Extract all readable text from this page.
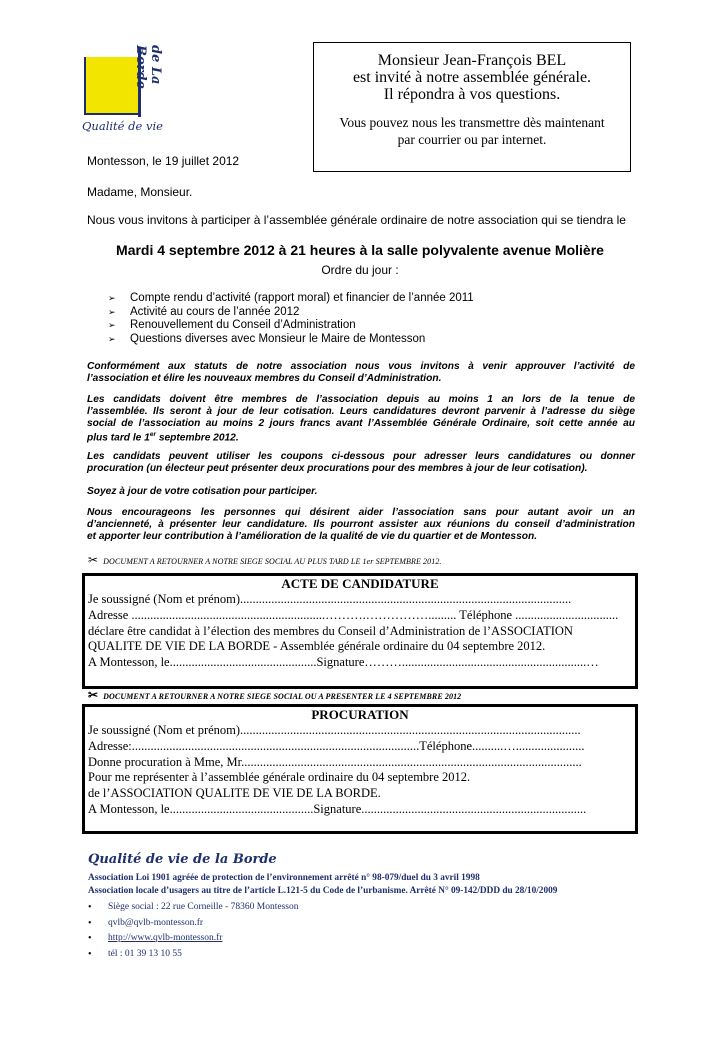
de La Borde
Qualité de vie
Monsieur Jean-François BEL
est invité à notre assemblée générale.
Il répondra à vos questions.
Vous pouvez nous les transmettre dès maintenant
par courrier ou par internet.
Montesson, le 19 juillet 2012
Madame, Monsieur.
Nous vous invitons à participer à l’assemblée générale ordinaire de notre association qui se tiendra le
Mardi 4 septembre 2012 à 21 heures à la salle polyvalente avenue Molière
Ordre du jour :
➢	Compte rendu d’activité (rapport moral) et financier de l’année 2011
➢	Activité au cours de l’année 2012
➢	Renouvellement du Conseil d’Administration
➢	Questions diverses avec Monsieur le Maire de Montesson
Conformément aux statuts de notre association nous vous invitons à venir approuver l’activité de
l’association et élire les nouveaux membres du Conseil d’Administration.
Les candidats doivent être membres de l’association depuis au moins 1 an lors de la tenue de
l’assemblée. Ils seront à jour de leur cotisation. Leurs candidatures devront parvenir à l’adresse du siège
social de l’association au moins 2 jours francs avant l’Assemblée Générale Ordinaire, soit cette année au
plus tard le 1er septembre 2012.
Les candidats peuvent utiliser les coupons ci-dessous pour adresser leurs candidatures ou donner
procuration (un électeur peut présenter deux procurations pour des membres à jour de leur cotisation).
Soyez à jour de votre cotisation pour participer.
Nous encourageons les personnes qui désirent aider l’association sans pour autant avoir un an
d’ancienneté, à présenter leur candidature. Ils pourront assister aux réunions du conseil d’administration
et apporter leur contribution à l’amélioration de la qualité de vie du quartier et de Montesson.
✂ DOCUMENT A RETOURNER A NOTRE SIEGE SOCIAL AU PLUS TARD LE 1er SEPTEMBRE 2012.
ACTE DE CANDIDATURE
Je soussigné (Nom et prénom)..........................................................................................................
Adresse ..............................................................……….……………......... Téléphone .................................
déclare être candidat à l’élection des membres du Conseil d’Administration de l’ASSOCIATION
QUALITE DE VIE DE LA BORDE - Assemblée générale ordinaire du 04 septembre 2012.
A Montesson, le...............................................Signature………...........................................................…
✂ DOCUMENT A RETOURNER A NOTRE SIEGE SOCIAL OU A PRESENTER LE 4 SEPTEMBRE 2012
PROCURATION
Je soussigné (Nom et prénom).............................................................................................................
Adresse:............................................................................................Téléphone..........…......................
Donne procuration à Mme, Mr.............................................................................................................
Pour me représenter à l’assemblée générale ordinaire du 04 septembre 2012.
de l’ASSOCIATION QUALITE DE VIE DE LA BORDE.
A Montesson, le..............................................Signature........................................................................
Qualité de vie de la Borde
Association Loi 1901 agréée de protection de l’environnement arrêté n° 98-079/duel du 3 avril 1998
Association locale d’usagers au titre de l’article L.121-5 du Code de l’urbanisme. Arrêté N° 09-142/DDD du 28/10/2009
•	Siège social : 22 rue Corneille - 78360 Montesson
•	qvlb@qvlb-montesson.fr
•	http://www.qvlb-montesson.fr
•	tél : 01 39 13 10 55
